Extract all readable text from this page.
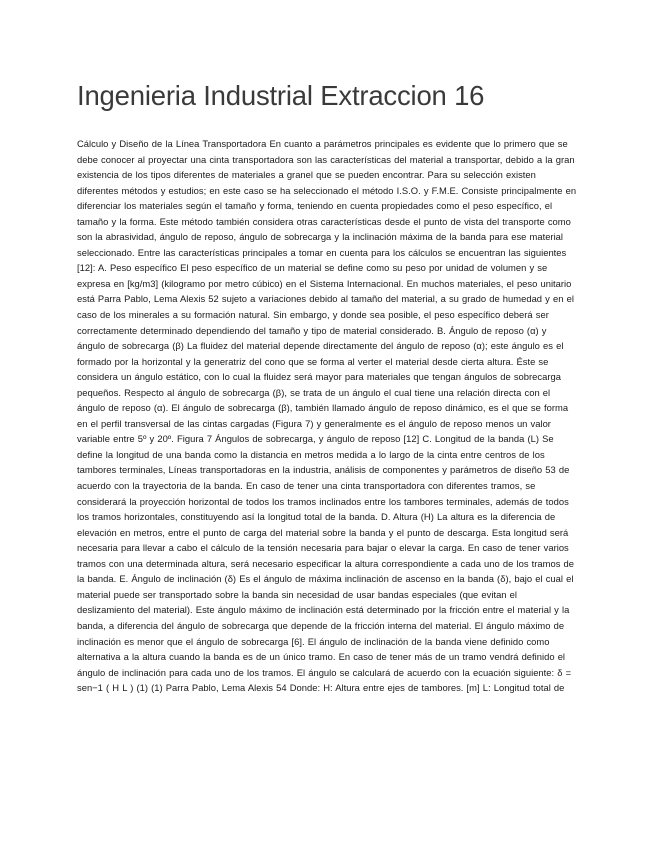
Ingenieria Industrial Extraccion 16

Cálculo y Diseño de la Línea Transportadora En cuanto a parámetros principales es evidente que lo primero que se debe conocer al proyectar una cinta transportadora son las características del material a transportar, debido a la gran existencia de los tipos diferentes de materiales a granel que se pueden encontrar. Para su selección existen diferentes métodos y estudios; en este caso se ha seleccionado el método I.S.O. y F.M.E. Consiste principalmente en diferenciar los materiales según el tamaño y forma, teniendo en cuenta propiedades como el peso específico, el tamaño y la forma. Este método también considera otras características desde el punto de vista del transporte como son la abrasividad, ángulo de reposo, ángulo de sobrecarga y la inclinación máxima de la banda para ese material seleccionado. Entre las características principales a tomar en cuenta para los cálculos se encuentran las siguientes [12]: A. Peso específico El peso específico de un material se define como su peso por unidad de volumen y se expresa en [kg/m3] (kilogramo por metro cúbico) en el Sistema Internacional. En muchos materiales, el peso unitario está Parra Pablo, Lema Alexis 52 sujeto a variaciones debido al tamaño del material, a su grado de humedad y en el caso de los minerales a su formación natural. Sin embargo, y donde sea posible, el peso específico deberá ser correctamente determinado dependiendo del tamaño y tipo de material considerado. B. Ángulo de reposo (α) y ángulo de sobrecarga (β) La fluidez del material depende directamente del ángulo de reposo (α); este ángulo es el formado por la horizontal y la generatriz del cono que se forma al verter el material desde cierta altura. Éste se considera un ángulo estático, con lo cual la fluidez será mayor para materiales que tengan ángulos de sobrecarga pequeños. Respecto al ángulo de sobrecarga (β), se trata de un ángulo el cual tiene una relación directa con el ángulo de reposo (α). El ángulo de sobrecarga (β), también llamado ángulo de reposo dinámico, es el que se forma en el perfil transversal de las cintas cargadas (Figura 7) y generalmente es el ángulo de reposo menos un valor variable entre 5º y 20º. Figura 7 Ángulos de sobrecarga, y ángulo de reposo [12] C. Longitud de la banda (L) Se define la longitud de una banda como la distancia en metros medida a lo largo de la cinta entre centros de los tambores terminales, Líneas transportadoras en la industria, análisis de componentes y parámetros de diseño 53 de acuerdo con la trayectoria de la banda. En caso de tener una cinta transportadora con diferentes tramos, se considerará la proyección horizontal de todos los tramos inclinados entre los tambores terminales, además de todos los tramos horizontales, constituyendo así la longitud total de la banda. D. Altura (H) La altura es la diferencia de elevación en metros, entre el punto de carga del material sobre la banda y el punto de descarga. Esta longitud será necesaria para llevar a cabo el cálculo de la tensión necesaria para bajar o elevar la carga. En caso de tener varios tramos con una determinada altura, será necesario especificar la altura correspondiente a cada uno de los tramos de la banda. E. Ángulo de inclinación (δ) Es el ángulo de máxima inclinación de ascenso en la banda (δ), bajo el cual el material puede ser transportado sobre la banda sin necesidad de usar bandas especiales (que evitan el deslizamiento del material). Este ángulo máximo de inclinación está determinado por la fricción entre el material y la banda, a diferencia del ángulo de sobrecarga que depende de la fricción interna del material. El ángulo máximo de inclinación es menor que el ángulo de sobrecarga [6]. El ángulo de inclinación de la banda viene definido como alternativa a la altura cuando la banda es de un único tramo. En caso de tener más de un tramo vendrá definido el ángulo de inclinación para cada uno de los tramos. El ángulo se calculará de acuerdo con la ecuación siguiente: δ = sen−1 ( H L ) (1) (1) Parra Pablo, Lema Alexis 54 Donde: H: Altura entre ejes de tambores. [m] L: Longitud total de
